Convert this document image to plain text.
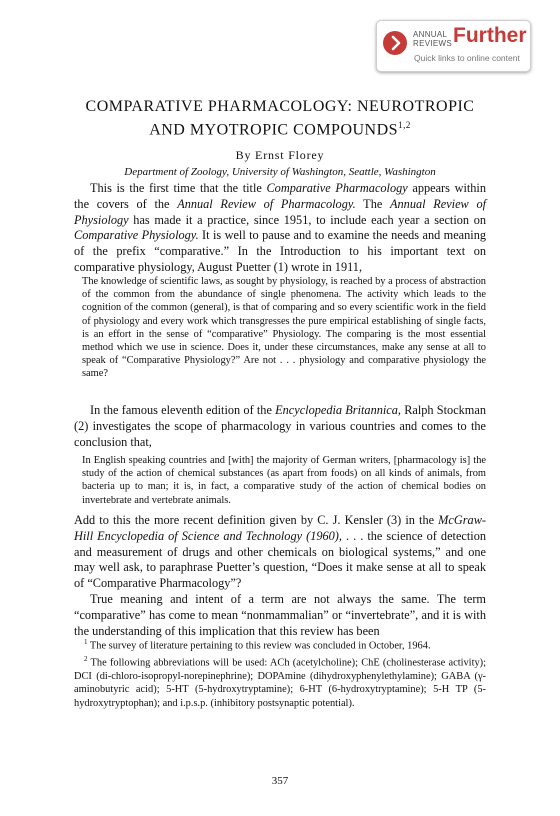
ANNUAL
REVIEWS Further
Quick links to online content
COMPARATIVE PHARMACOLOGY: NEUROTROPIC
AND MYOTROPIC COMPOUNDS$^{1,2}$
By Ernst Florey
Department of Zoology, University of Washington, Seattle, Washington

This is the first time that the title Comparative Pharmacology appears within the covers of the Annual Review of Pharmacology. The Annual Review of Physiology has made it a practice, since 1951, to include each year a section on Comparative Physiology. It is well to pause and to examine the needs and meaning of the prefix “comparative.” In the Introduction to his important text on comparative physiology, August Puetter (1) wrote in 1911,

The knowledge of scientific laws, as sought by physiology, is reached by a process of abstraction of the common from the abundance of single phenomena. The activity which leads to the cognition of the common (general), is that of comparing and so every scientific work in the field of physiology and every work which transgresses the pure empirical establishing of single facts, is an effort in the sense of “comparative” Physiology. The comparing is the most essential method which we use in science. Does it, under these circumstances, make any sense at all to speak of “Comparative Physiology?” Are not . . . physiology and comparative physiology the same?

In the famous eleventh edition of the Encyclopedia Britannica, Ralph Stockman (2) investigates the scope of pharmacology in various countries and comes to the conclusion that,

In English speaking countries and [with] the majority of German writers, [pharmacology is] the study of the action of chemical substances (as apart from foods) on all kinds of animals, from bacteria up to man; it is, in fact, a comparative study of the action of chemical bodies on invertebrate and vertebrate animals.

Add to this the more recent definition given by C. J. Kensler (3) in the McGraw-Hill Encyclopedia of Science and Technology (1960), . . . the science of detection and measurement of drugs and other chemicals on biological systems,” and one may well ask, to paraphrase Puetter’s question, “Does it make sense at all to speak of “Comparative Pharmacology”?

True meaning and intent of a term are not always the same. The term “comparative” has come to mean “nonmammalian” or “invertebrate”, and it is with the understanding of this implication that this review has been

$^1$ The survey of literature pertaining to this review was concluded in October, 1964.

$^2$ The following abbreviations will be used: ACh (acetylcholine); ChE (cholinesterase activity); DCI (di-chloro-isopropyl-norepinephrine); DOPAmine (dihydroxyphenylethylamine); GABA (γ-aminobutyric acid); 5-HT (5-hydroxytryptamine); 6-HT (6-hydroxytryptamine); 5-H TP (5-hydroxytryptophan); and i.p.s.p. (inhibitory postsynaptic potential).

357
